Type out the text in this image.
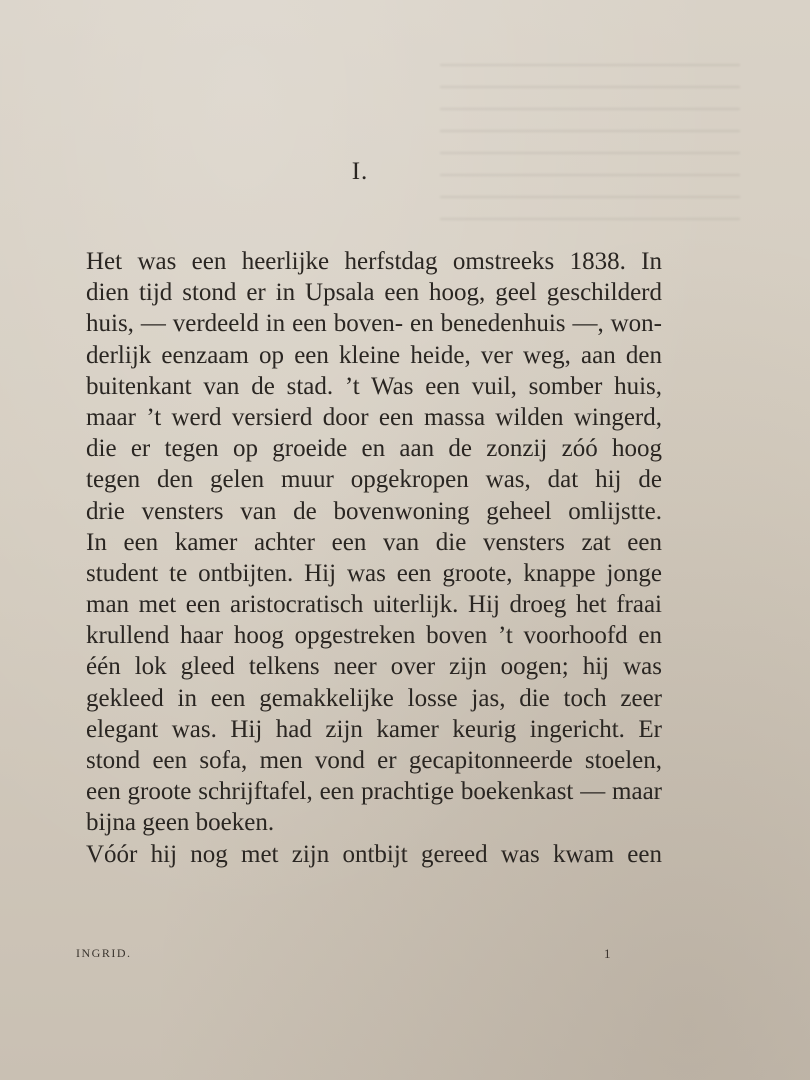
I.
Het was een heerlijke herfstdag omstreeks 1838. In
dien tijd stond er in Upsala een hoog, geel geschilderd
huis, — verdeeld in een boven- en benedenhuis —, won-
derlijk eenzaam op een kleine heide, ver weg, aan den
buitenkant van de stad. ’t Was een vuil, somber huis,
maar ’t werd versierd door een massa wilden wingerd,
die er tegen op groeide en aan de zonzij zóó hoog
tegen den gelen muur opgekropen was, dat hij de
drie vensters van de bovenwoning geheel omlijstte.
In een kamer achter een van die vensters zat een
student te ontbijten. Hij was een groote, knappe jonge
man met een aristocratisch uiterlijk. Hij droeg het fraai
krullend haar hoog opgestreken boven ’t voorhoofd en
één lok gleed telkens neer over zijn oogen; hij was
gekleed in een gemakkelijke losse jas, die toch zeer
elegant was. Hij had zijn kamer keurig ingericht. Er
stond een sofa, men vond er gecapitonneerde stoelen,
een groote schrijftafel, een prachtige boekenkast — maar
bijna geen boeken.
Vóór hij nog met zijn ontbijt gereed was kwam een
INGRID.	1
